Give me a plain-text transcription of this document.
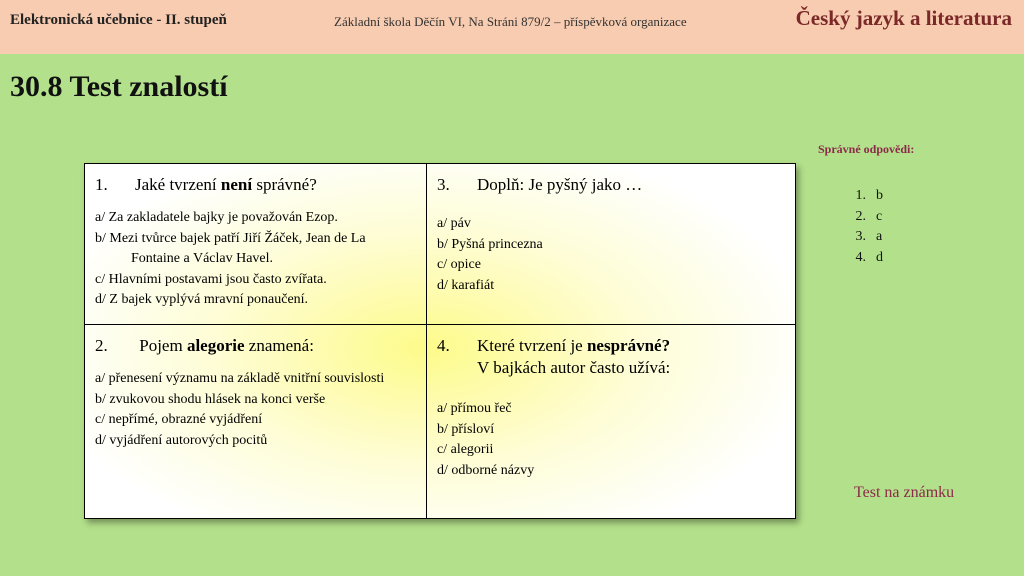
Elektronická učebnice - II. stupeň	Základní škola Děčín VI, Na Stráni 879/2 – příspěvková organizace	Český jazyk a literatura
30.8 Test znalostí
1. Jaké tvrzení není správné?
a/ Za zakladatele bajky je považován Ezop.
b/ Mezi tvůrce bajek patří Jiří Žáček, Jean de La Fontaine a Václav Havel.
c/ Hlavními postavami jsou často zvířata.
d/ Z bajek vyplývá mravní ponaučení.
3. Doplň: Je pyšný jako …
a/ páv
b/ Pyšná princezna
c/ opice
d/ karafiát
2. Pojem alegorie znamená:
a/ přenesení významu na základě vnitřní souvislosti
b/ zvukovou shodu hlásek na konci verše
c/ nepřímé, obrazné vyjádření
d/ vyjádření autorových pocitů
4. Které tvrzení je nesprávné?
V bajkách autor často užívá:
a/ přímou řeč
b/ přísloví
c/ alegorii
d/ odborné názvy
Správné odpovědi:
1. b
2. c
3. a
4. d
Test na známku
